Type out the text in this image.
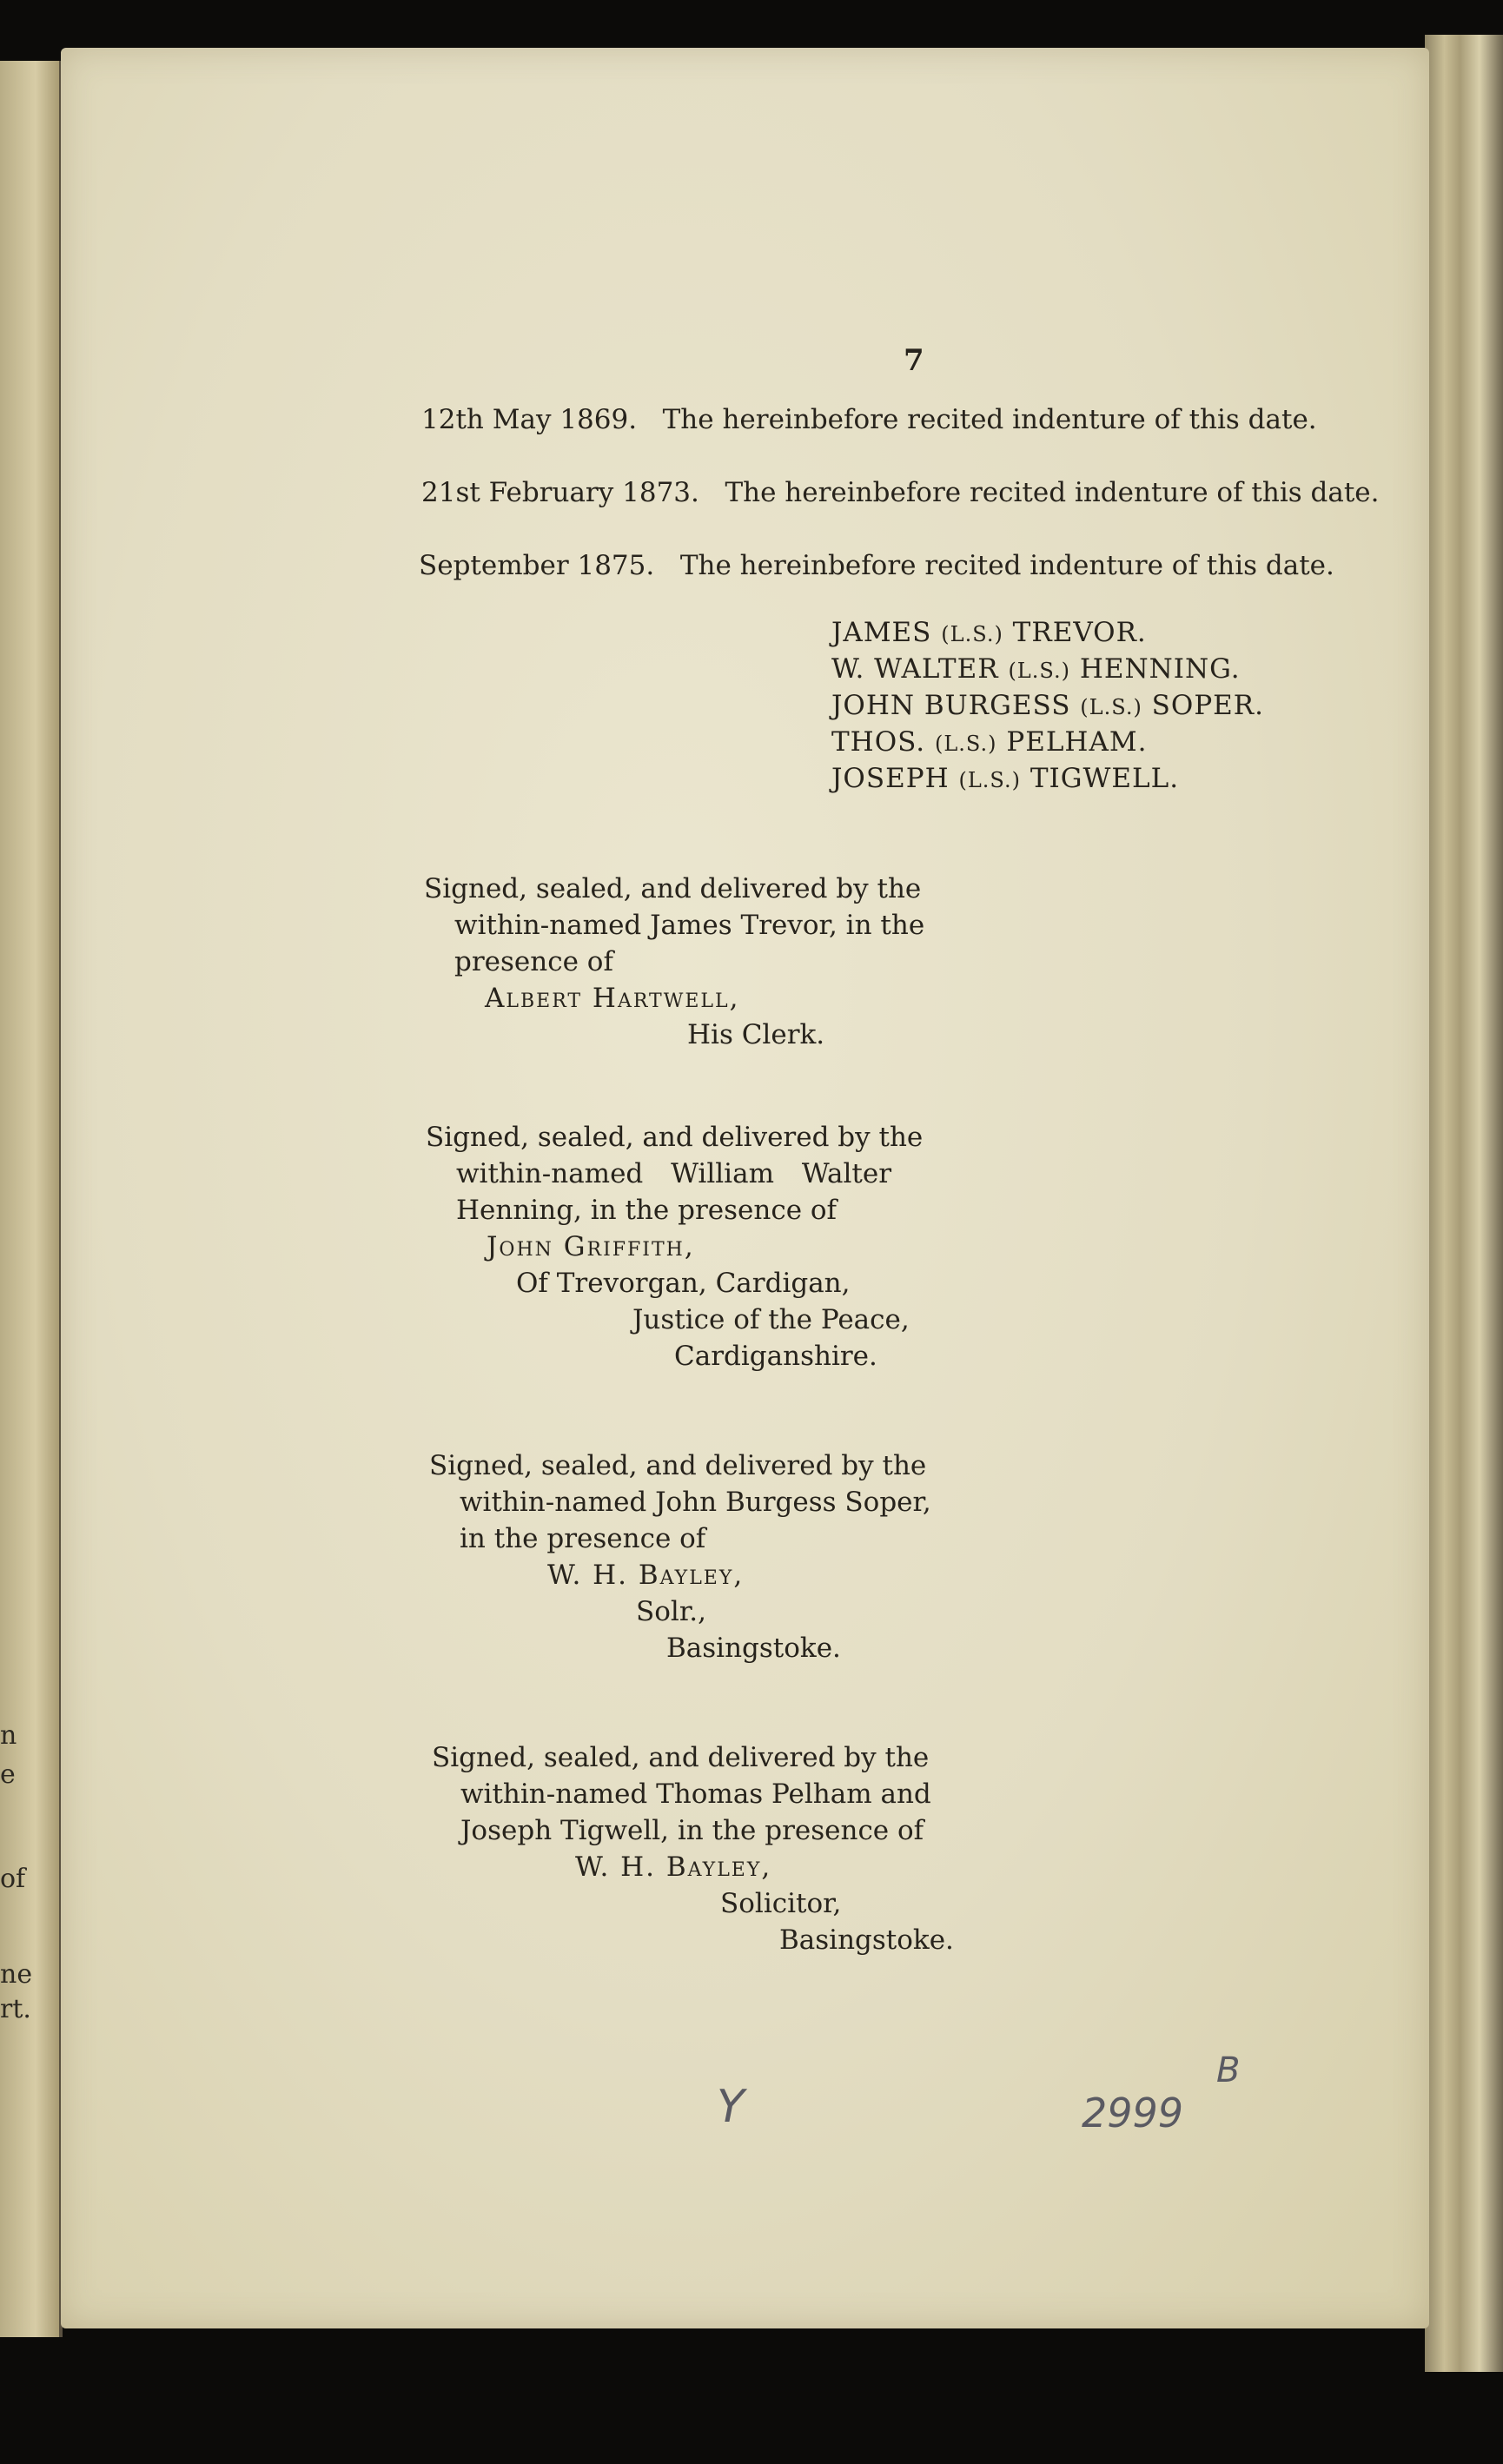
n
e
of
ne
rt.
7
12th May 1869. The hereinbefore recited indenture of this date.
21st February 1873. The hereinbefore recited indenture of this date.
September 1875. The hereinbefore recited indenture of this date.
JAMES (L.S.) TREVOR.
W. WALTER (L.S.) HENNING.
JOHN BURGESS (L.S.) SOPER.
THOS. (L.S.) PELHAM.
JOSEPH (L.S.) TIGWELL.
Signed, sealed, and delivered by the
within-named James Trevor, in the
presence of
Albert Hartwell,
His Clerk.
Signed, sealed, and delivered by the
within-named William Walter
Henning, in the presence of
John Griffith,
Of Trevorgan, Cardigan,
Justice of the Peace,
Cardiganshire.
Signed, sealed, and delivered by the
within-named John Burgess Soper,
in the presence of
W. H. Bayley,
Solr.,
Basingstoke.
Signed, sealed, and delivered by the
within-named Thomas Pelham and
Joseph Tigwell, in the presence of
W. H. Bayley,
Solicitor,
Basingstoke.
Y	2999
B
